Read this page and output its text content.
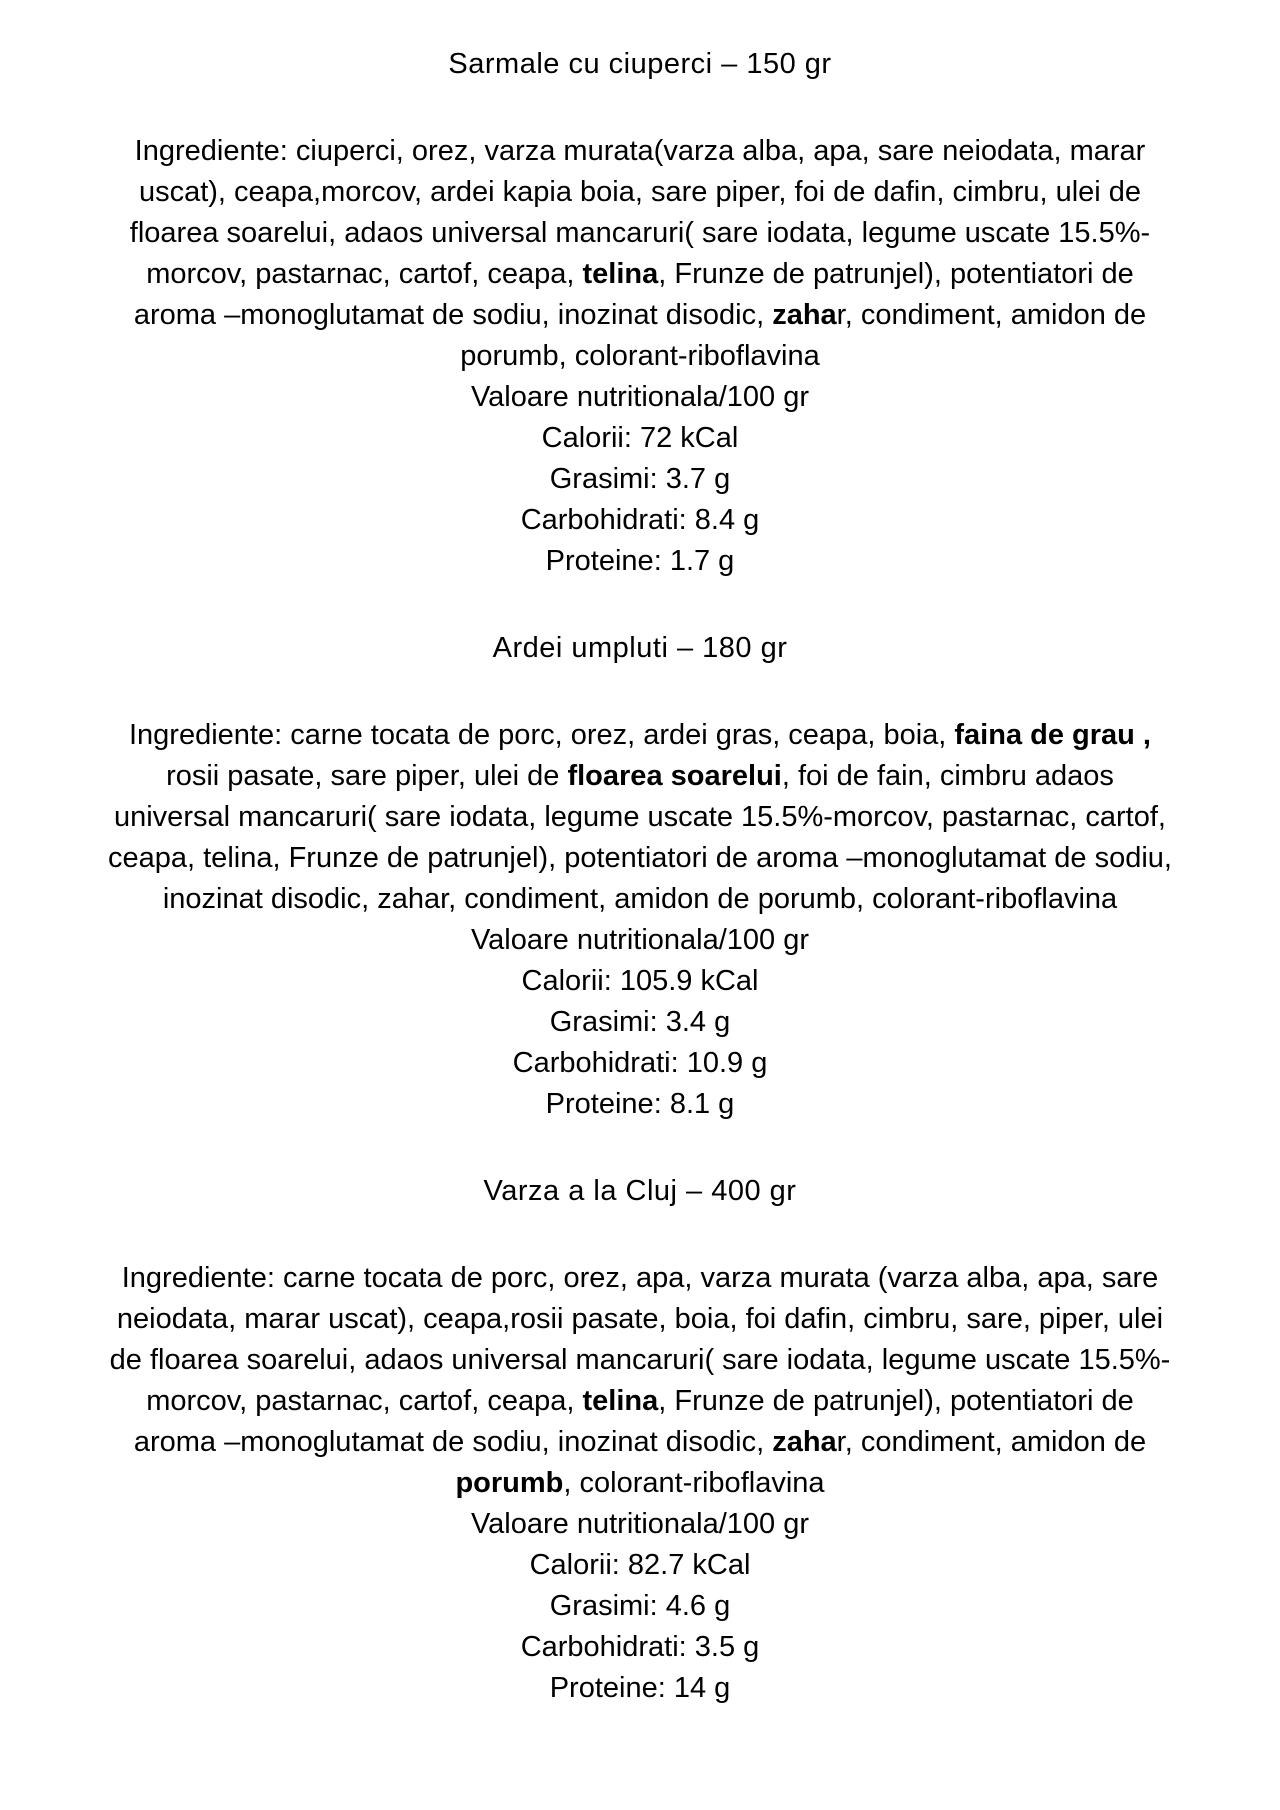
Sarmale cu ciuperci – 150 gr

Ingrediente: ciuperci, orez, varza murata(varza alba, apa, sare neiodata, marar uscat), ceapa,morcov, ardei kapia boia, sare piper, foi de dafin, cimbru, ulei de floarea soarelui, adaos universal mancaruri( sare iodata, legume uscate 15.5%-morcov, pastarnac, cartof, ceapa, telina, Frunze de patrunjel), potentiatori de aroma –monoglutamat de sodiu, inozinat disodic, zahar, condiment, amidon de porumb, colorant-riboflavina

Valoare nutritionala/100 gr
Calorii: 72 kCal
Grasimi: 3.7 g
Carbohidrati: 8.4 g
Proteine: 1.7 g
Ardei umpluti – 180 gr

Ingrediente: carne tocata de porc, orez, ardei gras, ceapa, boia, faina de grau , rosii pasate, sare piper, ulei de floarea soarelui, foi de fain, cimbru adaos universal mancaruri( sare iodata, legume uscate 15.5%-morcov, pastarnac, cartof, ceapa, telina, Frunze de patrunjel), potentiatori de aroma –monoglutamat de sodiu, inozinat disodic, zahar, condiment, amidon de porumb, colorant-riboflavina

Valoare nutritionala/100 gr
Calorii: 105.9 kCal
Grasimi: 3.4 g
Carbohidrati: 10.9 g
Proteine: 8.1 g
Varza a la Cluj – 400 gr

Ingrediente: carne tocata de porc, orez, apa, varza murata (varza alba, apa, sare neiodata, marar uscat), ceapa,rosii pasate, boia, foi dafin, cimbru, sare, piper, ulei de floarea soarelui, adaos universal mancaruri( sare iodata, legume uscate 15.5%-morcov, pastarnac, cartof, ceapa, telina, Frunze de patrunjel), potentiatori de aroma –monoglutamat de sodiu, inozinat disodic, zahar, condiment, amidon de porumb, colorant-riboflavina

Valoare nutritionala/100 gr
Calorii: 82.7 kCal
Grasimi: 4.6 g
Carbohidrati: 3.5 g
Proteine: 14 g
